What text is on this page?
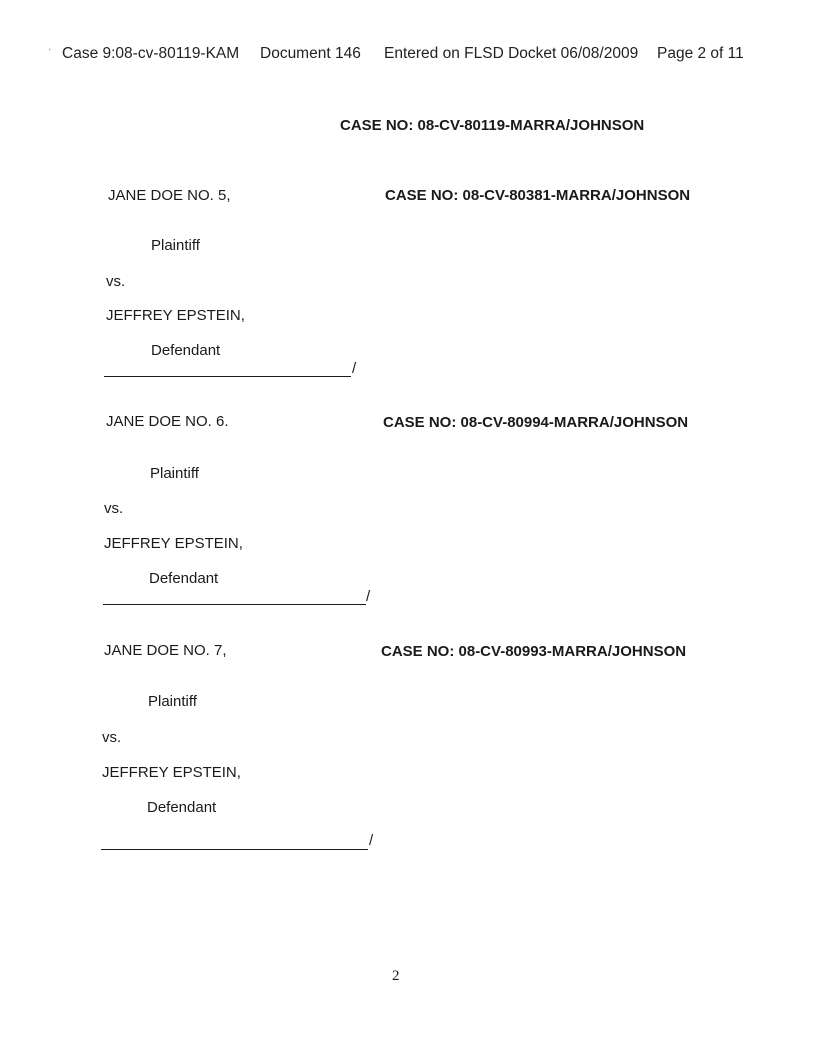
' Case 9:08-cv-80119-KAM Document 146 Entered on FLSD Docket 06/08/2009 Page 2 of 11
CASE NO: 08-CV-80119-MARRA/JOHNSON
JANE DOE NO. 5,	CASE NO: 08-CV-80381-MARRA/JOHNSON
Plaintiff
vs.
JEFFREY EPSTEIN,
Defendant
/
JANE DOE NO. 6.	CASE NO: 08-CV-80994-MARRA/JOHNSON
Plaintiff
vs.
JEFFREY EPSTEIN,
Defendant
/
JANE DOE NO. 7,	CASE NO: 08-CV-80993-MARRA/JOHNSON
Plaintiff
vs.
JEFFREY EPSTEIN,
Defendant
/
2
